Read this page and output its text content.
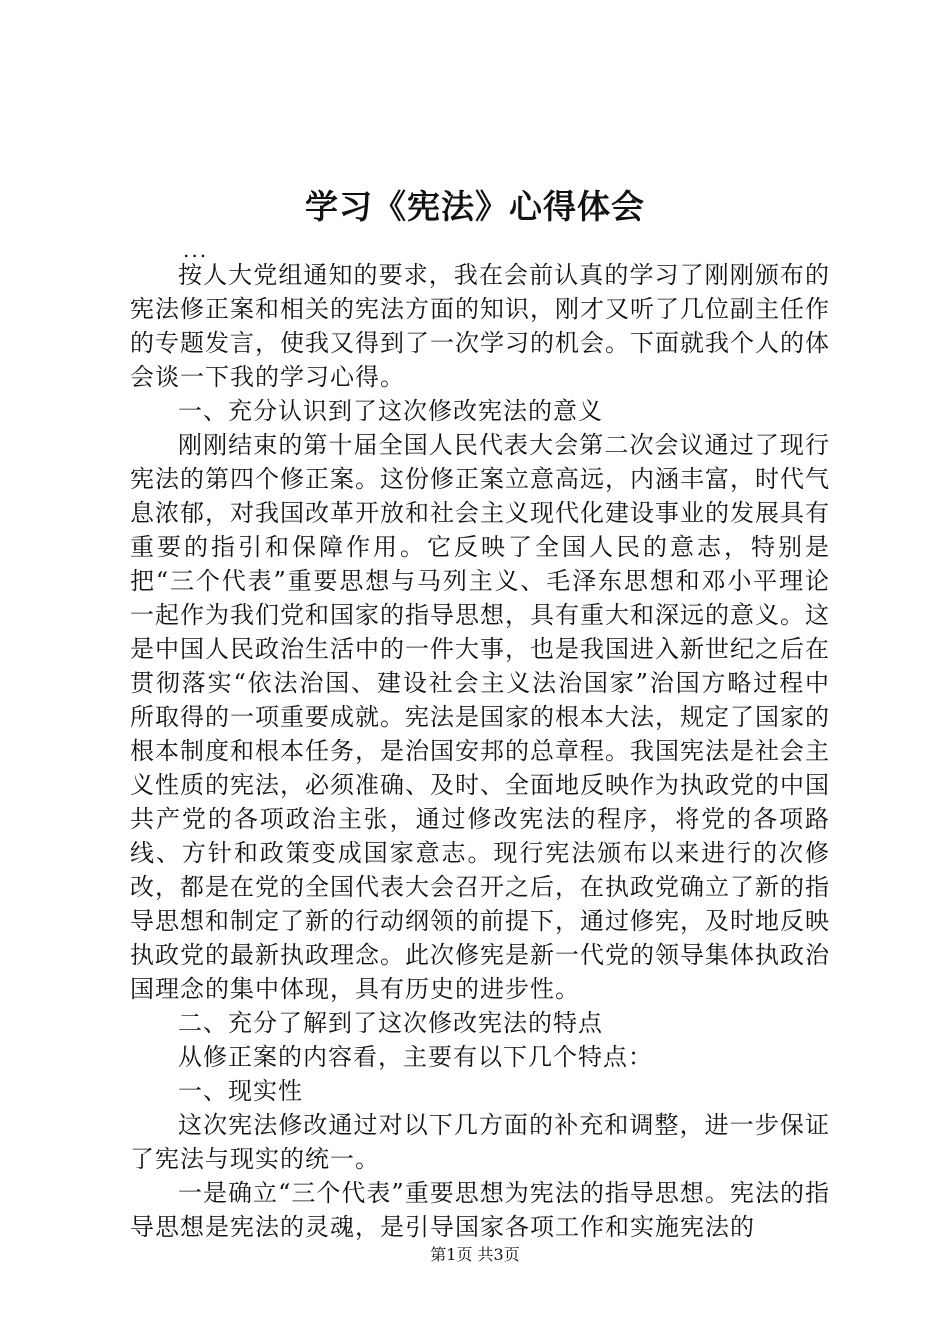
学习《宪法》心得体会
...

按人大党组通知的要求，我在会前认真的学习了刚刚颁布的宪法修正案和相关的宪法方面的知识，刚才又听了几位副主任作的专题发言，使我又得到了一次学习的机会。下面就我个人的体会谈一下我的学习心得。

一、充分认识到了这次修改宪法的意义

刚刚结束的第十届全国人民代表大会第二次会议通过了现行宪法的第四个修正案。这份修正案立意高远，内涵丰富，时代气息浓郁，对我国改革开放和社会主义现代化建设事业的发展具有重要的指引和保障作用。它反映了全国人民的意志，特别是把“三个代表”重要思想与马列主义、毛泽东思想和邓小平理论一起作为我们党和国家的指导思想，具有重大和深远的意义。这是中国人民政治生活中的一件大事，也是我国进入新世纪之后在贯彻落实“依法治国、建设社会主义法治国家”治国方略过程中所取得的一项重要成就。宪法是国家的根本大法，规定了国家的根本制度和根本任务，是治国安邦的总章程。我国宪法是社会主义性质的宪法，必须准确、及时、全面地反映作为执政党的中国共产党的各项政治主张，通过修改宪法的程序，将党的各项路线、方针和政策变成国家意志。现行宪法颁布以来进行的次修改，都是在党的全国代表大会召开之后，在执政党确立了新的指导思想和制定了新的行动纲领的前提下，通过修宪，及时地反映执政党的最新执政理念。此次修宪是新一代党的领导集体执政治国理念的集中体现，具有历史的进步性。

二、充分了解到了这次修改宪法的特点

从修正案的内容看，主要有以下几个特点：

一、现实性

这次宪法修改通过对以下几方面的补充和调整，进一步保证了宪法与现实的统一。

一是确立“三个代表”重要思想为宪法的指导思想。宪法的指导思想是宪法的灵魂，是引导国家各项工作和实施宪法的

第1页 共3页
